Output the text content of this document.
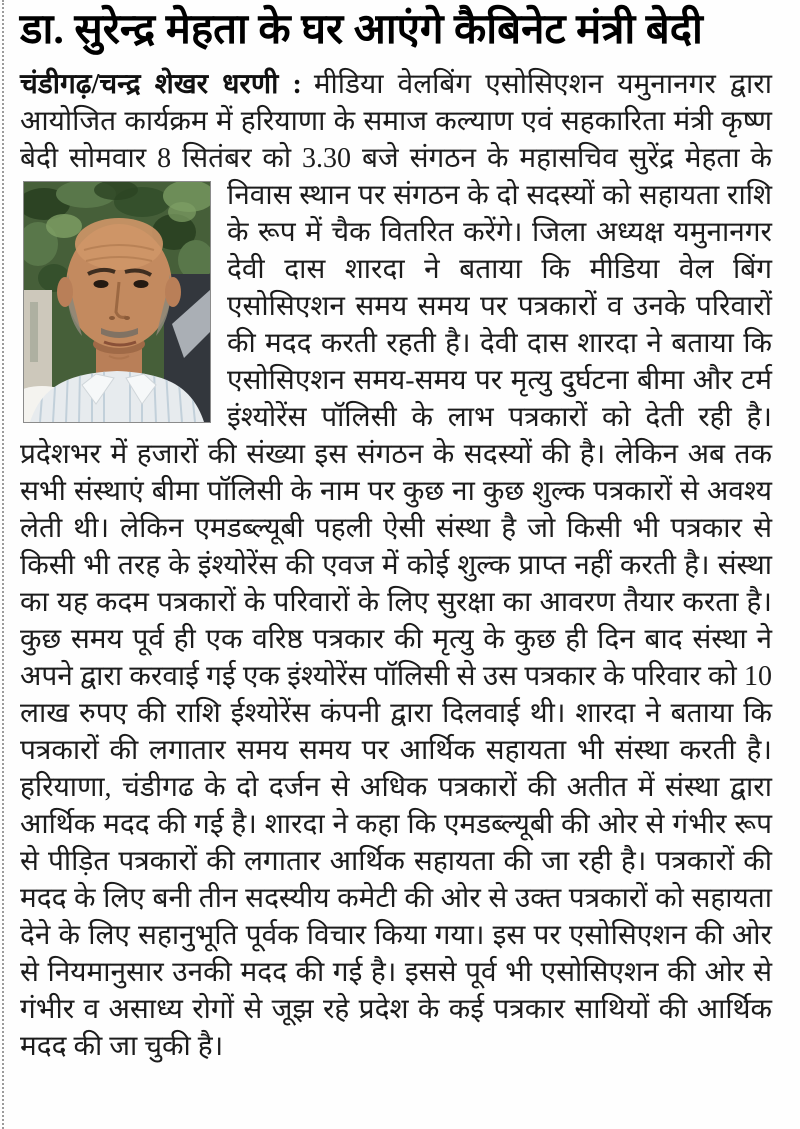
डा. सुरेन्द्र मेहता के घर आएंगे कैबिनेट मंत्री बेदी

चंडीगढ़/चन्द्र शेखर धरणी : मीडिया वेलबिंग एसोसिएशन यमुनानगर द्वारा आयोजित कार्यक्रम में हरियाणा के समाज कल्याण एवं सहकारिता मंत्री कृष्ण बेदी सोमवार 8 सितंबर को 3.30 बजे संगठन के महासचिव सुरेंद्र मेहता के

निवास स्थान पर संगठन के दो सदस्यों को सहायता राशि के रूप में चैक वितरित करेंगे। जिला अध्यक्ष यमुनानगर देवी दास शारदा ने बताया कि मीडिया वेल बिंग एसोसिएशन समय समय पर पत्रकारों व उनके परिवारों की मदद करती रहती है। देवी दास शारदा ने बताया कि एसोसिएशन समय-समय पर मृत्यु दुर्घटना बीमा और टर्म इंश्योरेंस पॉलिसी के लाभ पत्रकारों को देती रही है। प्रदेशभर में हजारों की संख्या इस संगठन के सदस्यों की है। लेकिन अब तक सभी संस्थाएं बीमा पॉलिसी के नाम पर कुछ ना कुछ शुल्क पत्रकारों से अवश्य लेती थी। लेकिन एमडब्ल्यूबी पहली ऐसी संस्था है जो किसी भी पत्रकार से किसी भी तरह के इंश्योरेंस की एवज में कोई शुल्क प्राप्त नहीं करती है। संस्था का यह कदम पत्रकारों के परिवारों के लिए सुरक्षा का आवरण तैयार करता है। कुछ समय पूर्व ही एक वरिष्ठ पत्रकार की मृत्यु के कुछ ही दिन बाद संस्था ने अपने द्वारा करवाई गई एक इंश्योरेंस पॉलिसी से उस पत्रकार के परिवार को 10 लाख रुपए की राशि ईश्योरेंस कंपनी द्वारा दिलवाई थी। शारदा ने बताया कि पत्रकारों की लगातार समय समय पर आर्थिक सहायता भी संस्था करती है। हरियाणा, चंडीगढ के दो दर्जन से अधिक पत्रकारों की अतीत में संस्था द्वारा आर्थिक मदद की गई है। शारदा ने कहा कि एमडब्ल्यूबी की ओर से गंभीर रूप से पीड़ित पत्रकारों की लगातार आर्थिक सहायता की जा रही है। पत्रकारों की मदद के लिए बनी तीन सदस्यीय कमेटी की ओर से उक्त पत्रकारों को सहायता देने के लिए सहानुभूति पूर्वक विचार किया गया। इस पर एसोसिएशन की ओर से नियमानुसार उनकी मदद की गई है। इससे पूर्व भी एसोसिएशन की ओर से गंभीर व असाध्य रोगों से जूझ रहे प्रदेश के कई पत्रकार साथियों की आर्थिक मदद की जा चुकी है।
